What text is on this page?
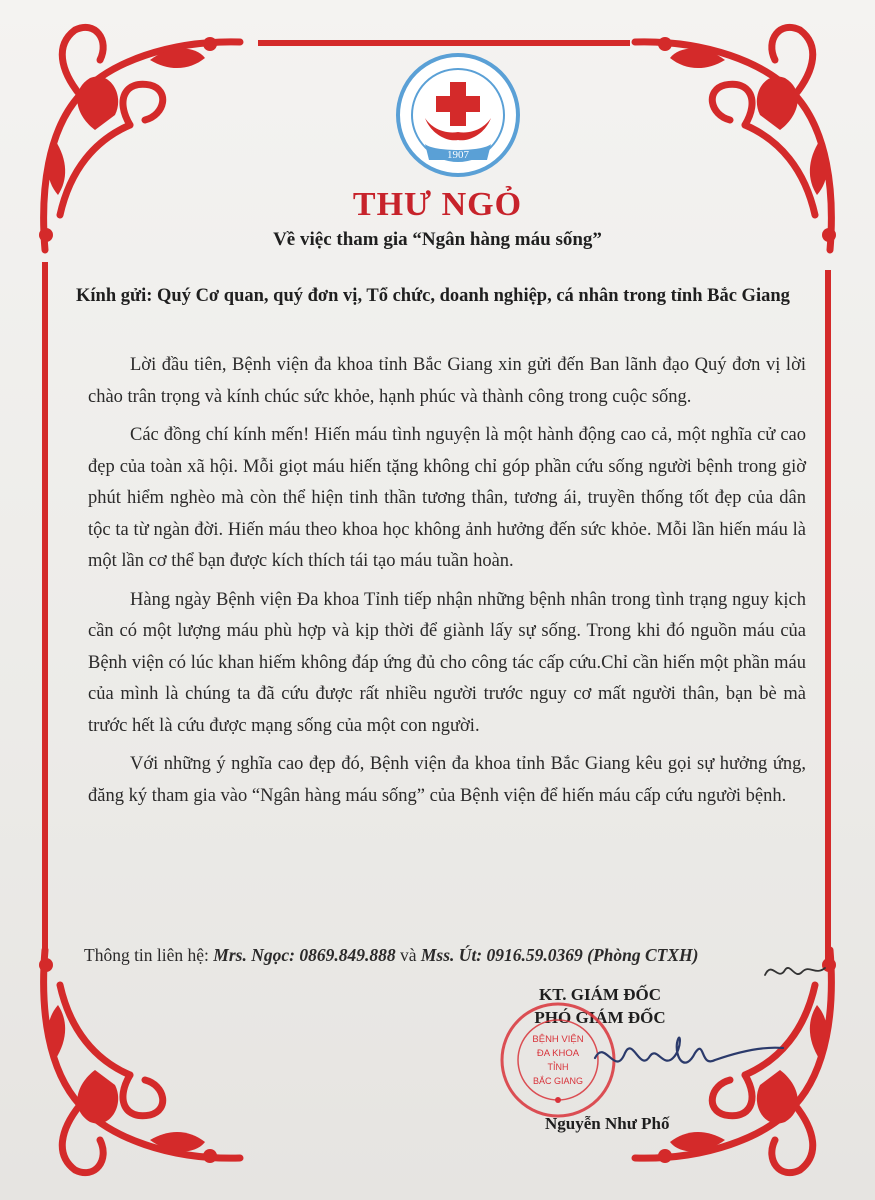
1907
THƯ NGỎ
Về việc tham gia “Ngân hàng máu sống”
Kính gửi: Quý Cơ quan, quý đơn vị, Tổ chức, doanh nghiệp, cá nhân trong tỉnh Bắc Giang

Lời đầu tiên, Bệnh viện đa khoa tỉnh Bắc Giang xin gửi đến Ban lãnh đạo Quý đơn vị lời chào trân trọng và kính chúc sức khỏe, hạnh phúc và thành công trong cuộc sống.

Các đồng chí kính mến! Hiến máu tình nguyện là một hành động cao cả, một nghĩa cử cao đẹp của toàn xã hội. Mỗi giọt máu hiến tặng không chỉ góp phần cứu sống người bệnh trong giờ phút hiểm nghèo mà còn thể hiện tinh thần tương thân, tương ái, truyền thống tốt đẹp của dân tộc ta từ ngàn đời. Hiến máu theo khoa học không ảnh hưởng đến sức khỏe. Mỗi lần hiến máu là một lần cơ thể bạn được kích thích tái tạo máu tuần hoàn.

Hàng ngày Bệnh viện Đa khoa Tỉnh tiếp nhận những bệnh nhân trong tình trạng nguy kịch cần có một lượng máu phù hợp và kịp thời để giành lấy sự sống. Trong khi đó nguồn máu của Bệnh viện có lúc khan hiếm không đáp ứng đủ cho công tác cấp cứu.Chỉ cần hiến một phần máu của mình là chúng ta đã cứu được rất nhiều người trước nguy cơ mất người thân, bạn bè mà trước hết là cứu được mạng sống của một con người.

Với những ý nghĩa cao đẹp đó, Bệnh viện đa khoa tỉnh Bắc Giang kêu gọi sự hưởng ứng, đăng ký tham gia vào “Ngân hàng máu sống” của Bệnh viện để hiến máu cấp cứu người bệnh.

Thông tin liên hệ: Mrs. Ngọc: 0869.849.888 và Mss. Út: 0916.59.0369 (Phòng CTXH)
KT. GIÁM ĐỐC
PHÓ GIÁM ĐỐC
BỆNH VIỆN
ĐA KHOA
TỈNH
BẮC GIANG
Nguyễn Như Phố
